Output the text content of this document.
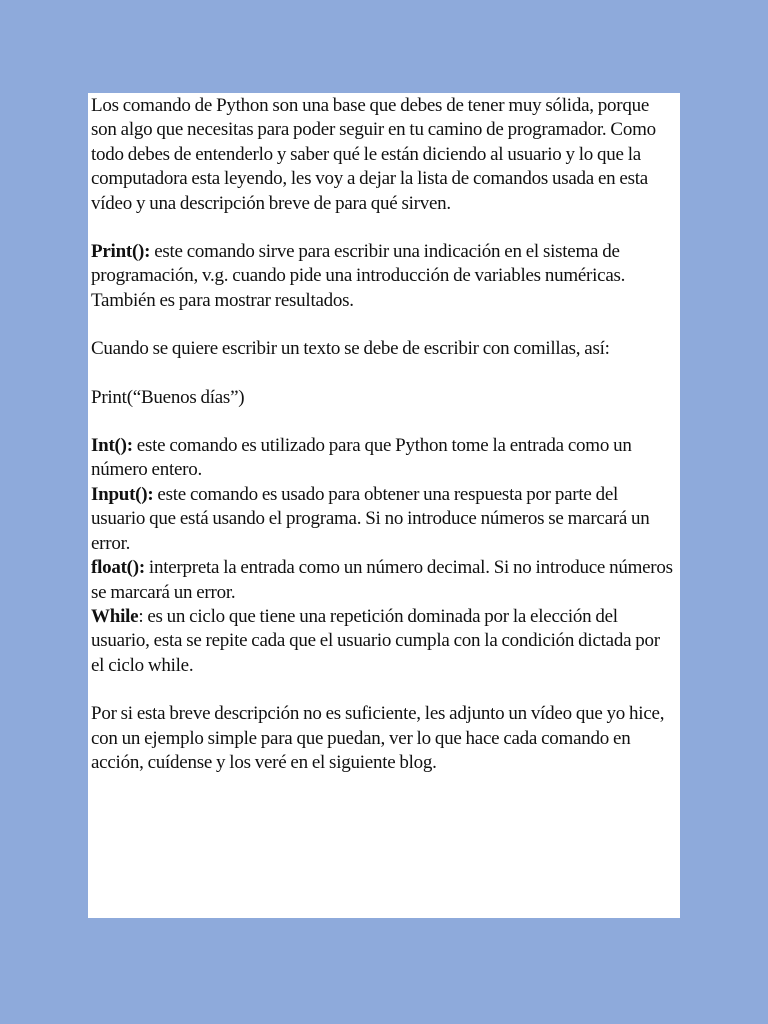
Los comando de Python son una base que debes de tener muy sólida, porque son algo que necesitas para poder seguir en tu camino de programador. Como todo debes de entenderlo y saber qué le están diciendo al usuario y lo que la computadora esta leyendo, les voy a dejar la lista de comandos usada en esta vídeo y una descripción breve de para qué sirven.

Print(): este comando sirve para escribir una indicación en el sistema de programación, v.g. cuando pide una introducción de variables numéricas. También es para mostrar resultados.

Cuando se quiere escribir un texto se debe de escribir con comillas, así:

Print(“Buenos días”)

Int(): este comando es utilizado para que Python tome la entrada como un número entero.

Input(): este comando es usado para obtener una respuesta por parte del usuario que está usando el programa. Si no introduce números se marcará un error.

float(): interpreta la entrada como un número decimal. Si no introduce números se marcará un error.

While: es un ciclo que tiene una repetición dominada por la elección del usuario, esta se repite cada que el usuario cumpla con la condición dictada por el ciclo while.

Por si esta breve descripción no es suficiente, les adjunto un vídeo que yo hice, con un ejemplo simple para que puedan, ver lo que hace cada comando en acción, cuídense y los veré en el siguiente blog.
